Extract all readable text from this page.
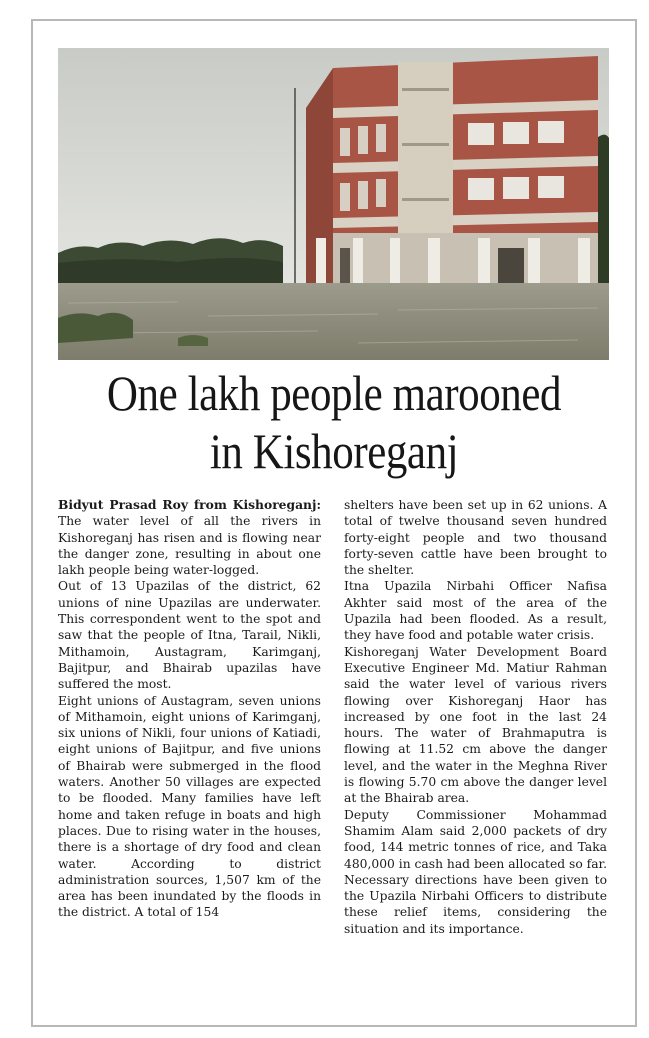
One lakh people marooned
in Kishoreganj

Bidyut Prasad Roy from Kishoreganj: The water level of all the rivers in Kishoreganj has risen and is flowing near the danger zone, resulting in about one lakh people being water-logged.

Out of 13 Upazilas of the district, 62 unions of nine Upazilas are underwater. This correspondent went to the spot and saw that the people of Itna, Tarail, Nikli, Mithamoin, Austagram, Karimganj, Bajitpur, and Bhairab upazilas have suffered the most.

Eight unions of Austagram, seven unions of Mithamoin, eight unions of Karimganj, six unions of Nikli, four unions of Katiadi, eight unions of Bajitpur, and five unions of Bhairab were submerged in the flood waters. Another 50 villages are expected to be flooded. Many families have left home and taken refuge in boats and high places. Due to rising water in the houses, there is a shortage of dry food and clean water. According to district administration sources, 1,507 km of the area has been inundated by the floods in the district. A total of 154

shelters have been set up in 62 unions. A total of twelve thousand seven hundred forty-eight people and two thousand forty-seven cattle have been brought to the shelter.

Itna Upazila Nirbahi Officer Nafisa Akhter said most of the area of the Upazila had been flooded. As a result, they have food and potable water crisis.

Kishoreganj Water Development Board Executive Engineer Md. Matiur Rahman said the water level of various rivers flowing over Kishoreganj Haor has increased by one foot in the last 24 hours. The water of Brahmaputra is flowing at 11.52 cm above the danger level, and the water in the Meghna River is flowing 5.70 cm above the danger level at the Bhairab area.

Deputy Commissioner Mohammad Shamim Alam said 2,000 packets of dry food, 144 metric tonnes of rice, and Taka 480,000 in cash had been allocated so far. Necessary directions have been given to the Upazila Nirbahi Officers to distribute these relief items, considering the situation and its importance.
